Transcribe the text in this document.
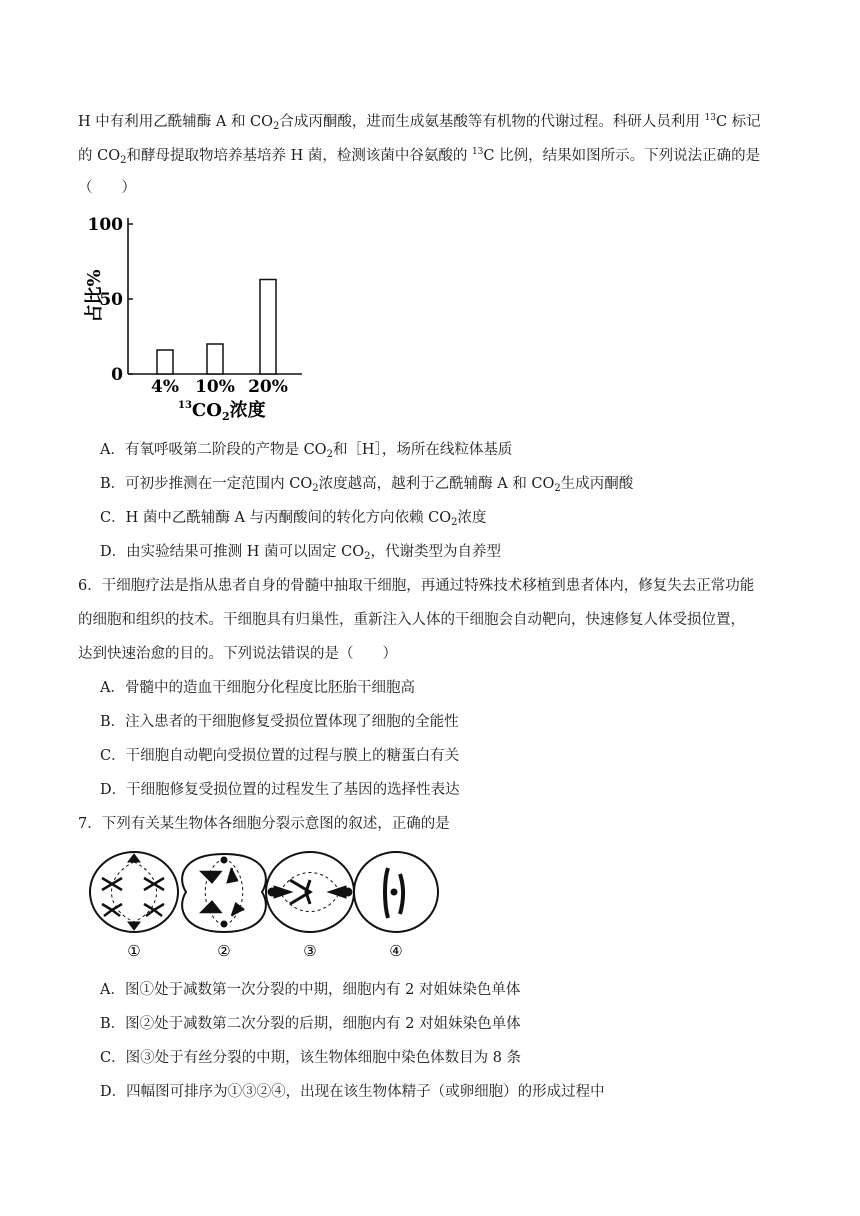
H 中有利用乙酰辅酶 A 和 $CO_2$合成丙酮酸，进而生成氨基酸等有机物的代谢过程。科研人员利用 $^{13}$C 标记
的 $CO_2$和酵母提取物培养基培养 H 菌，检测该菌中谷氨酸的 $^{13}$C 比例，结果如图所示。下列说法正确的是
（　　）
占比%
100
50
0
4% 10% 20%
$^{13}CO_2$浓度
A．有氧呼吸第二阶段的产物是 $CO_2$和［H］，场所在线粒体基质
B．可初步推测在一定范围内 $CO_2$浓度越高，越利于乙酰辅酶 A 和 $CO_2$生成丙酮酸
C．H 菌中乙酰辅酶 A 与丙酮酸间的转化方向依赖 $CO_2$浓度
D．由实验结果可推测 H 菌可以固定 $CO_2$，代谢类型为自养型
6．干细胞疗法是指从患者自身的骨髓中抽取干细胞，再通过特殊技术移植到患者体内，修复失去正常功能
的细胞和组织的技术。干细胞具有归巢性，重新注入人体的干细胞会自动靶向，快速修复人体受损位置，
达到快速治愈的目的。下列说法错误的是（　　）
A．骨髓中的造血干细胞分化程度比胚胎干细胞高
B．注入患者的干细胞修复受损位置体现了细胞的全能性
C．干细胞自动靶向受损位置的过程与膜上的糖蛋白有关
D．干细胞修复受损位置的过程发生了基因的选择性表达
7．下列有关某生物体各细胞分裂示意图的叙述，正确的是
①	②	③	④
A．图①处于减数第一次分裂的中期，细胞内有 2 对姐妹染色单体
B．图②处于减数第二次分裂的后期，细胞内有 2 对姐妹染色单体
C．图③处于有丝分裂的中期，该生物体细胞中染色体数目为 8 条
D．四幅图可排序为①③②④，出现在该生物体精子（或卵细胞）的形成过程中
